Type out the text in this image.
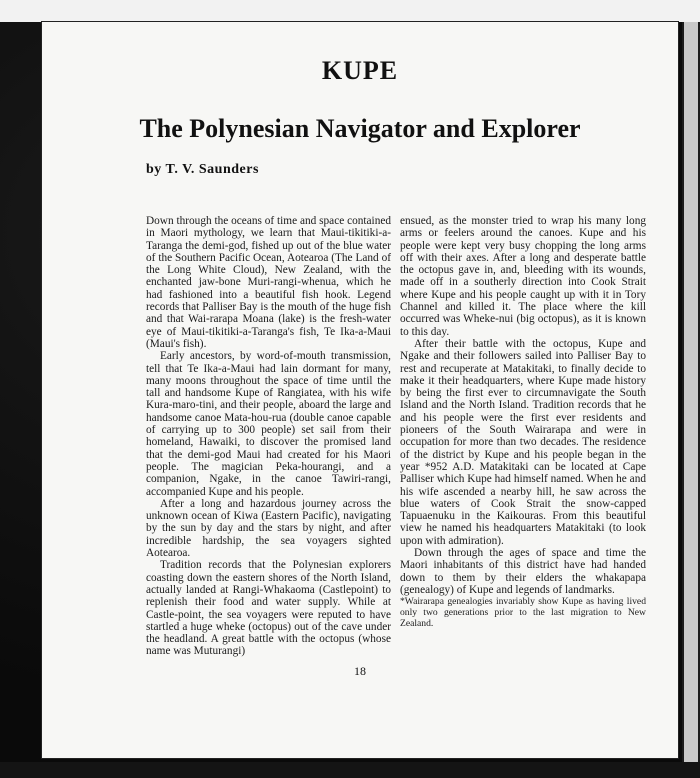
KUPE
The Polynesian Navigator and Explorer
by T. V. Saunders

Down through the oceans of time and space contained in Maori mythology, we learn that Maui-tikitiki-a-Taranga the demi-god, fished up out of the blue water of the Southern Pacific Ocean, Aotearoa (The Land of the Long White Cloud), New Zealand, with the enchanted jaw-bone Muri-rangi-whenua, which he had fashioned into a beautiful fish hook. Legend records that Palliser Bay is the mouth of the huge fish and that Wai-rarapa Moana (lake) is the fresh-water eye of Maui-tikitiki-a-Taranga's fish, Te Ika-a-Maui (Maui's fish).

Early ancestors, by word-of-mouth transmission, tell that Te Ika-a-Maui had lain dormant for many, many moons throughout the space of time until the tall and handsome Kupe of Rangiatea, with his wife Kura-maro-tini, and their people, aboard the large and handsome canoe Mata-hou-rua (double canoe capable of carrying up to 300 people) set sail from their homeland, Hawaiki, to discover the promised land that the demi-god Maui had created for his Maori people. The magician Peka-hourangi, and a companion, Ngake, in the canoe Tawiri-rangi, accompanied Kupe and his people.

After a long and hazardous journey across the unknown ocean of Kiwa (Eastern Pacific), navigating by the sun by day and the stars by night, and after incredible hardship, the sea voyagers sighted Aotearoa.

Tradition records that the Polynesian explorers coasting down the eastern shores of the North Island, actually landed at Rangi-Whakaoma (Castlepoint) to replenish their food and water supply. While at Castle-point, the sea voyagers were reputed to have startled a huge wheke (octopus) out of the cave under the headland. A great battle with the octopus (whose name was Muturangi)

ensued, as the monster tried to wrap his many long arms or feelers around the canoes. Kupe and his people were kept very busy chopping the long arms off with their axes. After a long and desperate battle the octopus gave in, and, bleeding with its wounds, made off in a southerly direction into Cook Strait where Kupe and his people caught up with it in Tory Channel and killed it. The place where the kill occurred was Wheke-nui (big octopus), as it is known to this day.

After their battle with the octopus, Kupe and Ngake and their followers sailed into Palliser Bay to rest and recuperate at Matakitaki, to finally decide to make it their headquarters, where Kupe made history by being the first ever to circumnavigate the South Island and the North Island. Tradition records that he and his people were the first ever residents and pioneers of the South Wairarapa and were in occupation for more than two decades. The residence of the district by Kupe and his people began in the year *952 A.D. Matakitaki can be located at Cape Palliser which Kupe had himself named. When he and his wife ascended a nearby hill, he saw across the blue waters of Cook Strait the snow-capped Tapuaenuku in the Kaikouras. From this beautiful view he named his headquarters Matakitaki (to look upon with admiration).

Down through the ages of space and time the Maori inhabitants of this district have had handed down to them by their elders the whakapapa (genealogy) of Kupe and legends of landmarks.

*Wairarapa genealogies invariably show Kupe as having lived only two generations prior to the last migration to New Zealand.

18
